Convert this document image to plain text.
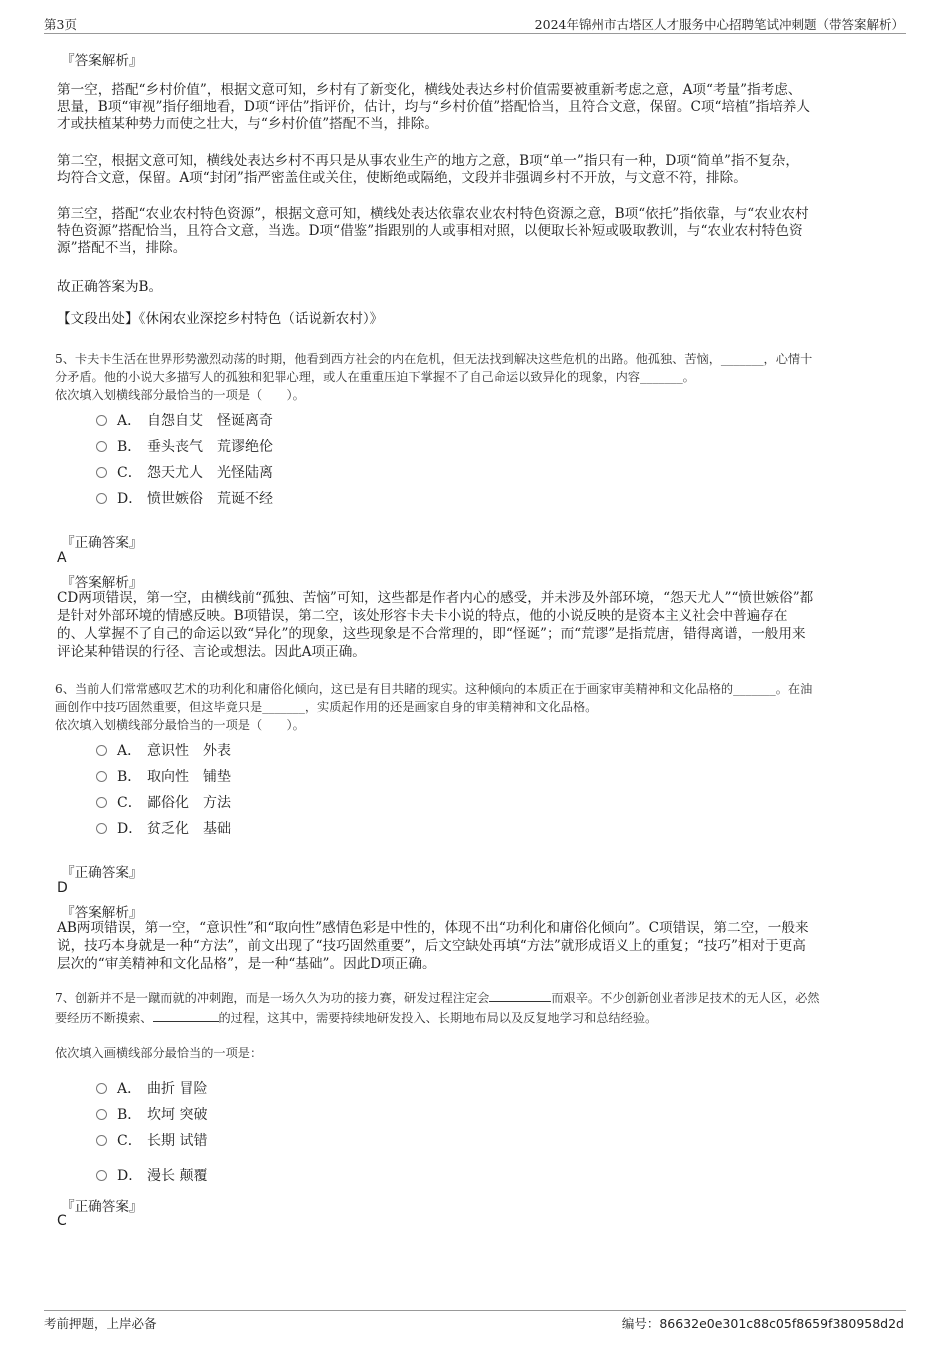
第3页	2024年锦州市古塔区人才服务中心招聘笔试冲刺题（带答案解析）
『答案解析』
第一空，搭配“乡村价值”，根据文意可知，乡村有了新变化，横线处表达乡村价值需要被重新考虑之意，A项“考量”指考虑、
思量，B项“审视”指仔细地看，D项“评估”指评价，估计，均与“乡村价值”搭配恰当，且符合文意，保留。C项“培植”指培养人
才或扶植某种势力而使之壮大，与“乡村价值”搭配不当，排除。
第二空，根据文意可知，横线处表达乡村不再只是从事农业生产的地方之意，B项“单一”指只有一种，D项“简单”指不复杂，
均符合文意，保留。A项“封闭”指严密盖住或关住，使断绝或隔绝，文段并非强调乡村不开放，与文意不符，排除。
第三空，搭配“农业农村特色资源”，根据文意可知，横线处表达依靠农业农村特色资源之意，B项“依托”指依靠，与“农业农村
特色资源”搭配恰当，且符合文意，当选。D项“借鉴”指跟别的人或事相对照，以便取长补短或吸取教训，与“农业农村特色资
源”搭配不当，排除。
故正确答案为B。
【文段出处】《休闲农业深挖乡村特色（话说新农村）》
5、卡夫卡生活在世界形势激烈动荡的时期，他看到西方社会的内在危机，但无法找到解决这些危机的出路。他孤独、苦恼，_______，心情十
分矛盾。他的小说大多描写人的孤独和犯罪心理，或人在重重压迫下掌握不了自己命运以致异化的现象，内容_______。
依次填入划横线部分最恰当的一项是（　　）。
A． 自怨自艾　怪诞离奇
B． 垂头丧气　荒谬绝伦
C． 怨天尤人　光怪陆离
D． 愤世嫉俗　荒诞不经
『正确答案』
A
『答案解析』
CD两项错误，第一空，由横线前“孤独、苦恼”可知，这些都是作者内心的感受，并未涉及外部环境，“怨天尤人”“愤世嫉俗”都
是针对外部环境的情感反映。B项错误，第二空，该处形容卡夫卡小说的特点，他的小说反映的是资本主义社会中普遍存在
的、人掌握不了自己的命运以致“异化”的现象，这些现象是不合常理的，即“怪诞”；而“荒谬”是指荒唐，错得离谱，一般用来
评论某种错误的行径、言论或想法。因此A项正确。
6、当前人们常常感叹艺术的功利化和庸俗化倾向，这已是有目共睹的现实。这种倾向的本质正在于画家审美精神和文化品格的_______。在油
画创作中技巧固然重要，但这毕竟只是_______，实质起作用的还是画家自身的审美精神和文化品格。
依次填入划横线部分最恰当的一项是（　　）。
A． 意识性　外表
B． 取向性　铺垫
C． 鄙俗化　方法
D． 贫乏化　基础
『正确答案』
D
『答案解析』
AB两项错误，第一空，“意识性”和“取向性”感情色彩是中性的，体现不出“功利化和庸俗化倾向”。C项错误，第二空，一般来
说，技巧本身就是一种“方法”，前文出现了“技巧固然重要”，后文空缺处再填“方法”就形成语义上的重复；“技巧”相对于更高
层次的“审美精神和文化品格”，是一种“基础”。因此D项正确。
7、创新并不是一蹴而就的冲刺跑，而是一场久久为功的接力赛，研发过程注定会	而艰辛。不少创新创业者涉足技术的无人区，必然
要经历不断摸索、	的过程，这其中，需要持续地研发投入、长期地布局以及反复地学习和总结经验。
依次填入画横线部分最恰当的一项是：
A． 曲折 冒险
B． 坎坷 突破
C． 长期 试错
D． 漫长 颠覆
『正确答案』
C
考前押题，上岸必备	编号：86632e0e301c88c05f8659f380958d2d
